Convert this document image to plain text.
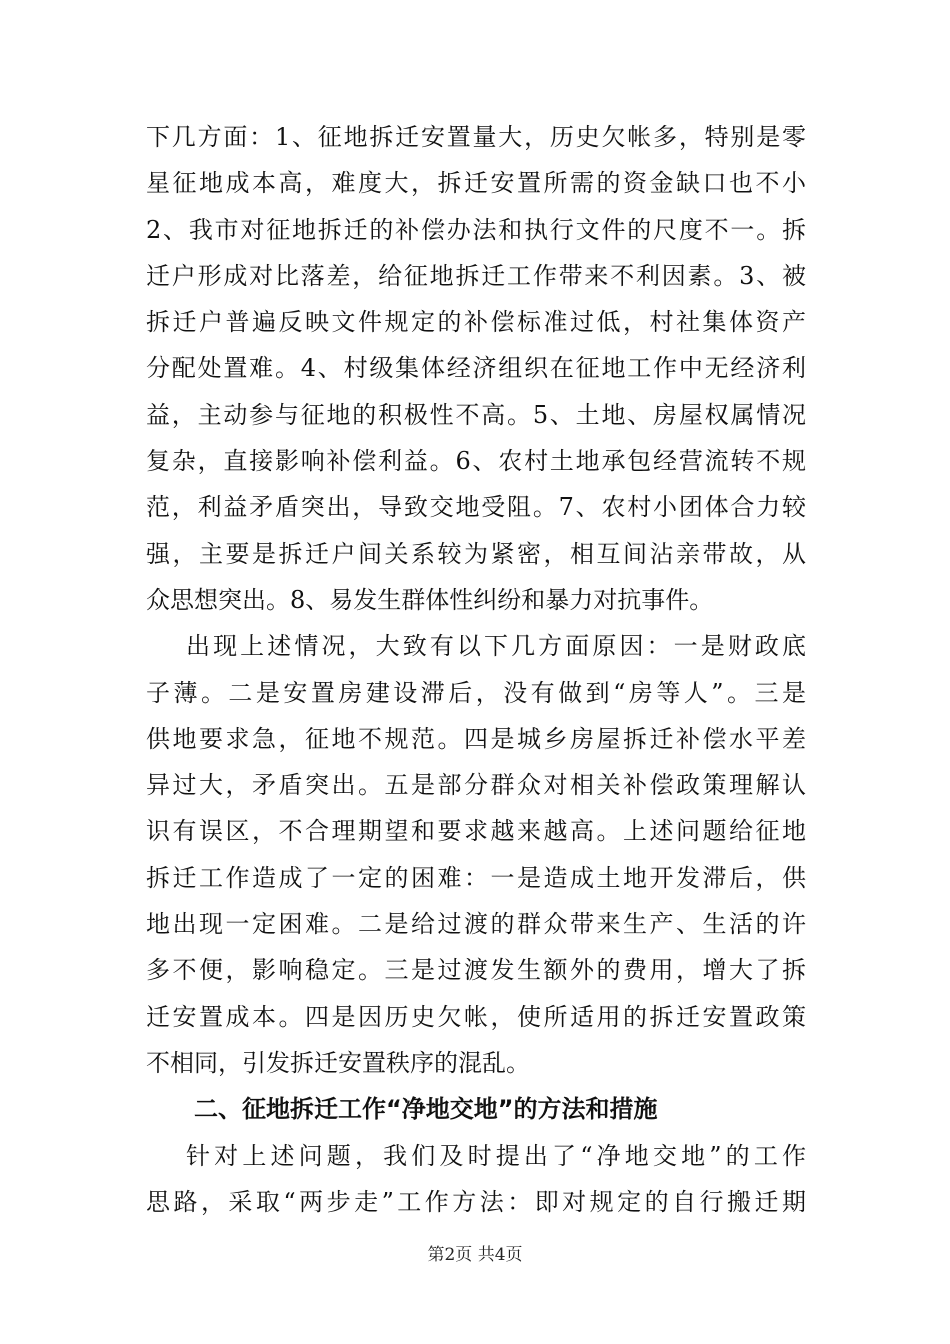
下几方面：1、征地拆迁安置量大，历史欠帐多，特别是零
星征地成本高，难度大，拆迁安置所需的资金缺口也不小
2、我市对征地拆迁的补偿办法和执行文件的尺度不一。拆
迁户形成对比落差，给征地拆迁工作带来不利因素。3、被
拆迁户普遍反映文件规定的补偿标准过低，村社集体资产
分配处置难。4、村级集体经济组织在征地工作中无经济利
益，主动参与征地的积极性不高。5、土地、房屋权属情况
复杂，直接影响补偿利益。6、农村土地承包经营流转不规
范，利益矛盾突出，导致交地受阻。7、农村小团体合力较
强，主要是拆迁户间关系较为紧密，相互间沾亲带故，从
众思想突出。8、易发生群体性纠纷和暴力对抗事件。
出现上述情况，大致有以下几方面原因：一是财政底
子薄。二是安置房建设滞后，没有做到“房等人”。三是
供地要求急，征地不规范。四是城乡房屋拆迁补偿水平差
异过大，矛盾突出。五是部分群众对相关补偿政策理解认
识有误区，不合理期望和要求越来越高。上述问题给征地
拆迁工作造成了一定的困难：一是造成土地开发滞后，供
地出现一定困难。二是给过渡的群众带来生产、生活的许
多不便，影响稳定。三是过渡发生额外的费用，增大了拆
迁安置成本。四是因历史欠帐，使所适用的拆迁安置政策
不相同，引发拆迁安置秩序的混乱。
二、征地拆迁工作“净地交地”的方法和措施
针对上述问题，我们及时提出了“净地交地”的工作
思路，采取“两步走”工作方法：即对规定的自行搬迁期
第2页 共4页
